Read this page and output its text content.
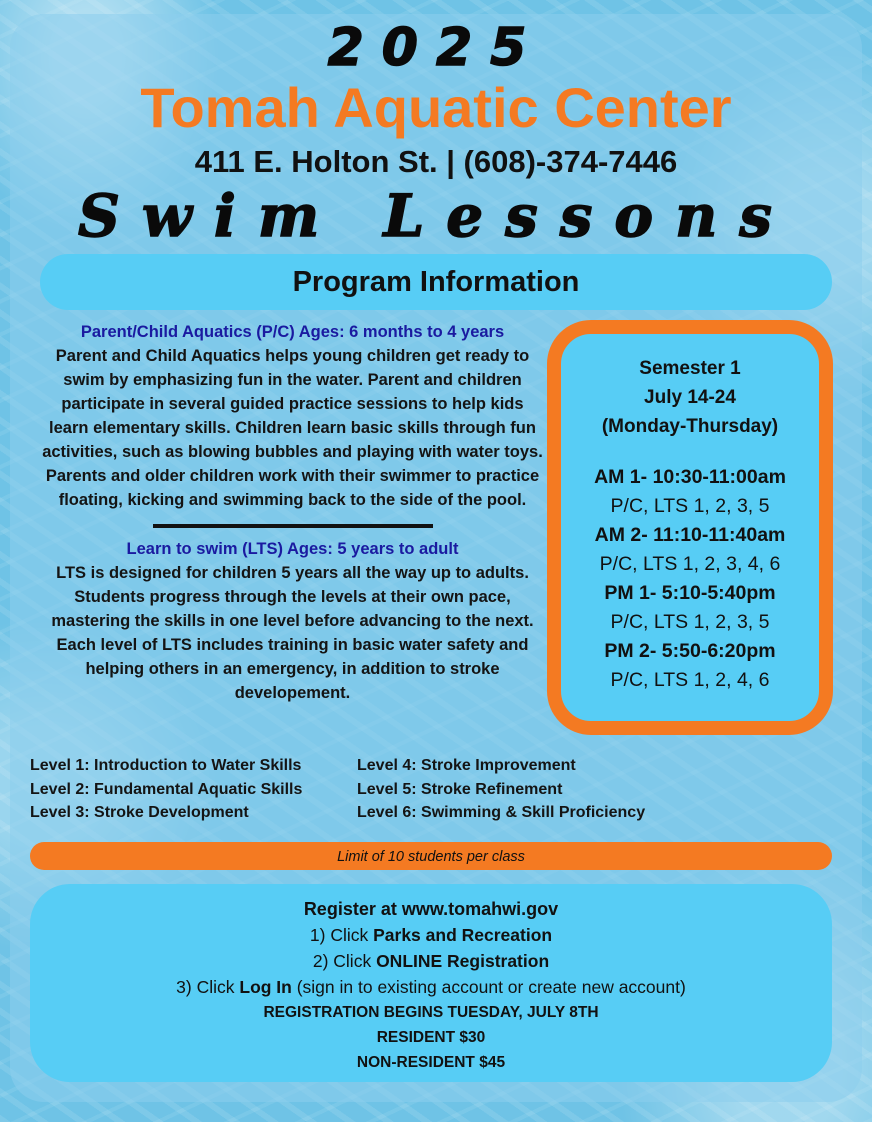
2025
Tomah Aquatic Center
411 E. Holton St. | (608)-374-7446
Swim Lessons
Program Information
Parent/Child Aquatics (P/C) Ages: 6 months to 4 years
Parent and Child Aquatics helps young children get ready to swim by emphasizing fun in the water. Parent and children participate in several guided practice sessions to help kids learn elementary skills. Children learn basic skills through fun activities, such as blowing bubbles and playing with water toys. Parents and older children work with their swimmer to practice floating, kicking and swimming back to the side of the pool.
Learn to swim (LTS) Ages: 5 years to adult
LTS is designed for children 5 years all the way up to adults. Students progress through the levels at their own pace, mastering the skills in one level before advancing to the next. Each level of LTS includes training in basic water safety and helping others in an emergency, in addition to stroke developement.
Semester 1
July 14-24
(Monday-Thursday)
AM 1- 10:30-11:00am
P/C, LTS 1, 2, 3, 5
AM 2- 11:10-11:40am
P/C, LTS 1, 2, 3, 4, 6
PM 1- 5:10-5:40pm
P/C, LTS 1, 2, 3, 5
PM 2- 5:50-6:20pm
P/C, LTS 1, 2, 4, 6
Level 1: Introduction to Water Skills
Level 2: Fundamental Aquatic Skills
Level 3: Stroke Development
Level 4: Stroke Improvement
Level 5: Stroke Refinement
Level 6: Swimming & Skill Proficiency
Limit of 10 students per class
Register at www.tomahwi.gov
1) Click Parks and Recreation
2) Click ONLINE Registration
3) Click Log In (sign in to existing account or create new account)
REGISTRATION BEGINS TUESDAY, JULY 8TH
RESIDENT $30
NON-RESIDENT $45
